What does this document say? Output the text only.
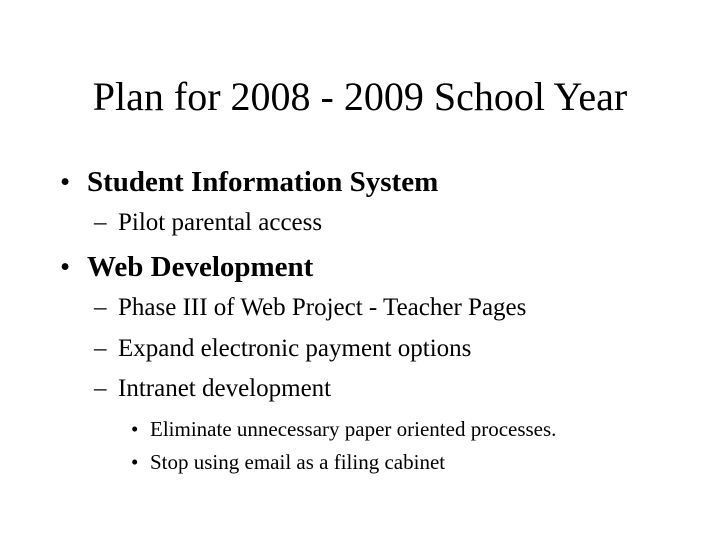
Plan for 2008 - 2009 School Year
• Student Information System
– Pilot parental access
• Web Development
– Phase III of Web Project - Teacher Pages
– Expand electronic payment options
– Intranet development
• Eliminate unnecessary paper oriented processes.
• Stop using email as a filing cabinet
